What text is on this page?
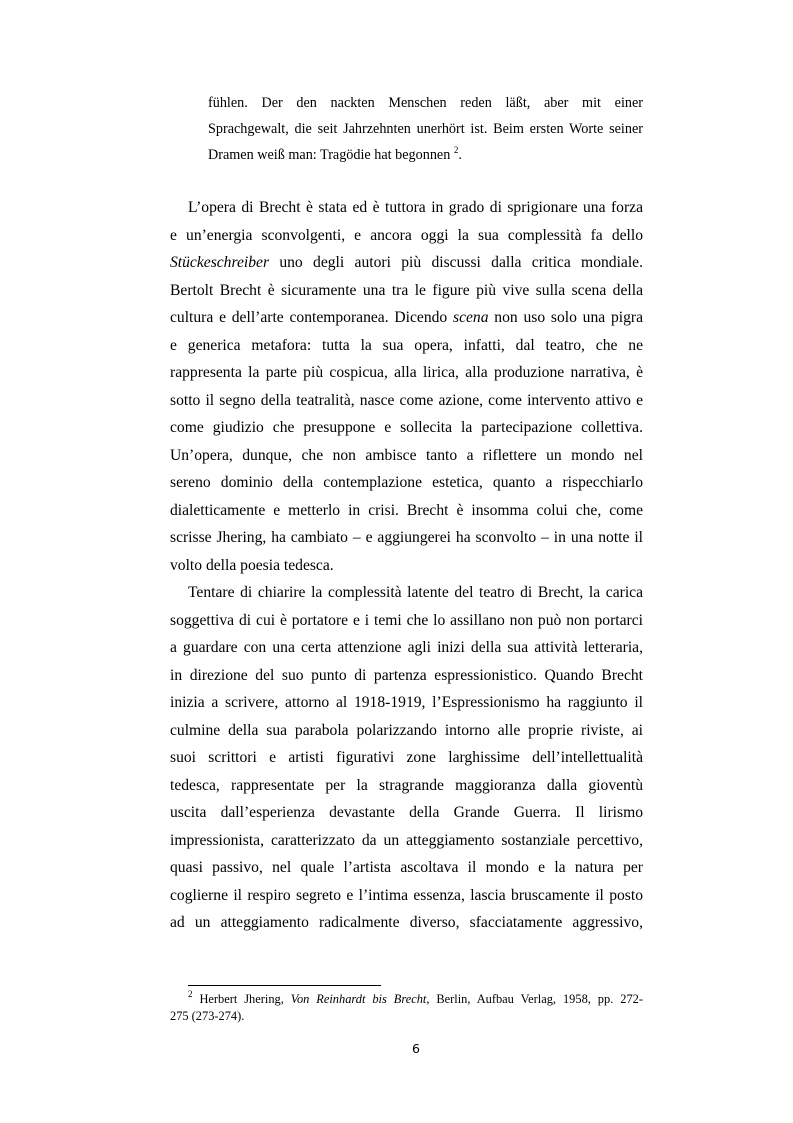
fühlen. Der den nackten Menschen reden läßt, aber mit einer
Sprachgewalt, die seit Jahrzehnten unerhört ist. Beim ersten Worte seiner
Dramen weiß man: Tragödie hat begonnen $^2$.
L’opera di Brecht è stata ed è tuttora in grado di sprigionare una forza
e un’energia sconvolgenti, e ancora oggi la sua complessità fa dello
Stückeschreiber uno degli autori più discussi dalla critica mondiale.
Bertolt Brecht è sicuramente una tra le figure più vive sulla scena della
cultura e dell’arte contemporanea. Dicendo scena non uso solo una pigra
e generica metafora: tutta la sua opera, infatti, dal teatro, che ne
rappresenta la parte più cospicua, alla lirica, alla produzione narrativa, è
sotto il segno della teatralità, nasce come azione, come intervento attivo e
come giudizio che presuppone e sollecita la partecipazione collettiva.
Un’opera, dunque, che non ambisce tanto a riflettere un mondo nel
sereno dominio della contemplazione estetica, quanto a rispecchiarlo
dialetticamente e metterlo in crisi. Brecht è insomma colui che, come
scrisse Jhering, ha cambiato – e aggiungerei ha sconvolto – in una notte il
volto della poesia tedesca.
Tentare di chiarire la complessità latente del teatro di Brecht, la carica
soggettiva di cui è portatore e i temi che lo assillano non può non portarci
a guardare con una certa attenzione agli inizi della sua attività letteraria,
in direzione del suo punto di partenza espressionistico. Quando Brecht
inizia a scrivere, attorno al 1918-1919, l’Espressionismo ha raggiunto il
culmine della sua parabola polarizzando intorno alle proprie riviste, ai
suoi scrittori e artisti figurativi zone larghissime dell’intellettualità
tedesca, rappresentate per la stragrande maggioranza dalla gioventù
uscita dall’esperienza devastante della Grande Guerra. Il lirismo
impressionista, caratterizzato da un atteggiamento sostanziale percettivo,
quasi passivo, nel quale l’artista ascoltava il mondo e la natura per
coglierne il respiro segreto e l’intima essenza, lascia bruscamente il posto
ad un atteggiamento radicalmente diverso, sfacciatamente aggressivo,
$^2$ Herbert Jhering, Von Reinhardt bis Brecht, Berlin, Aufbau Verlag, 1958, pp. 272-
275 (273-274).
6
